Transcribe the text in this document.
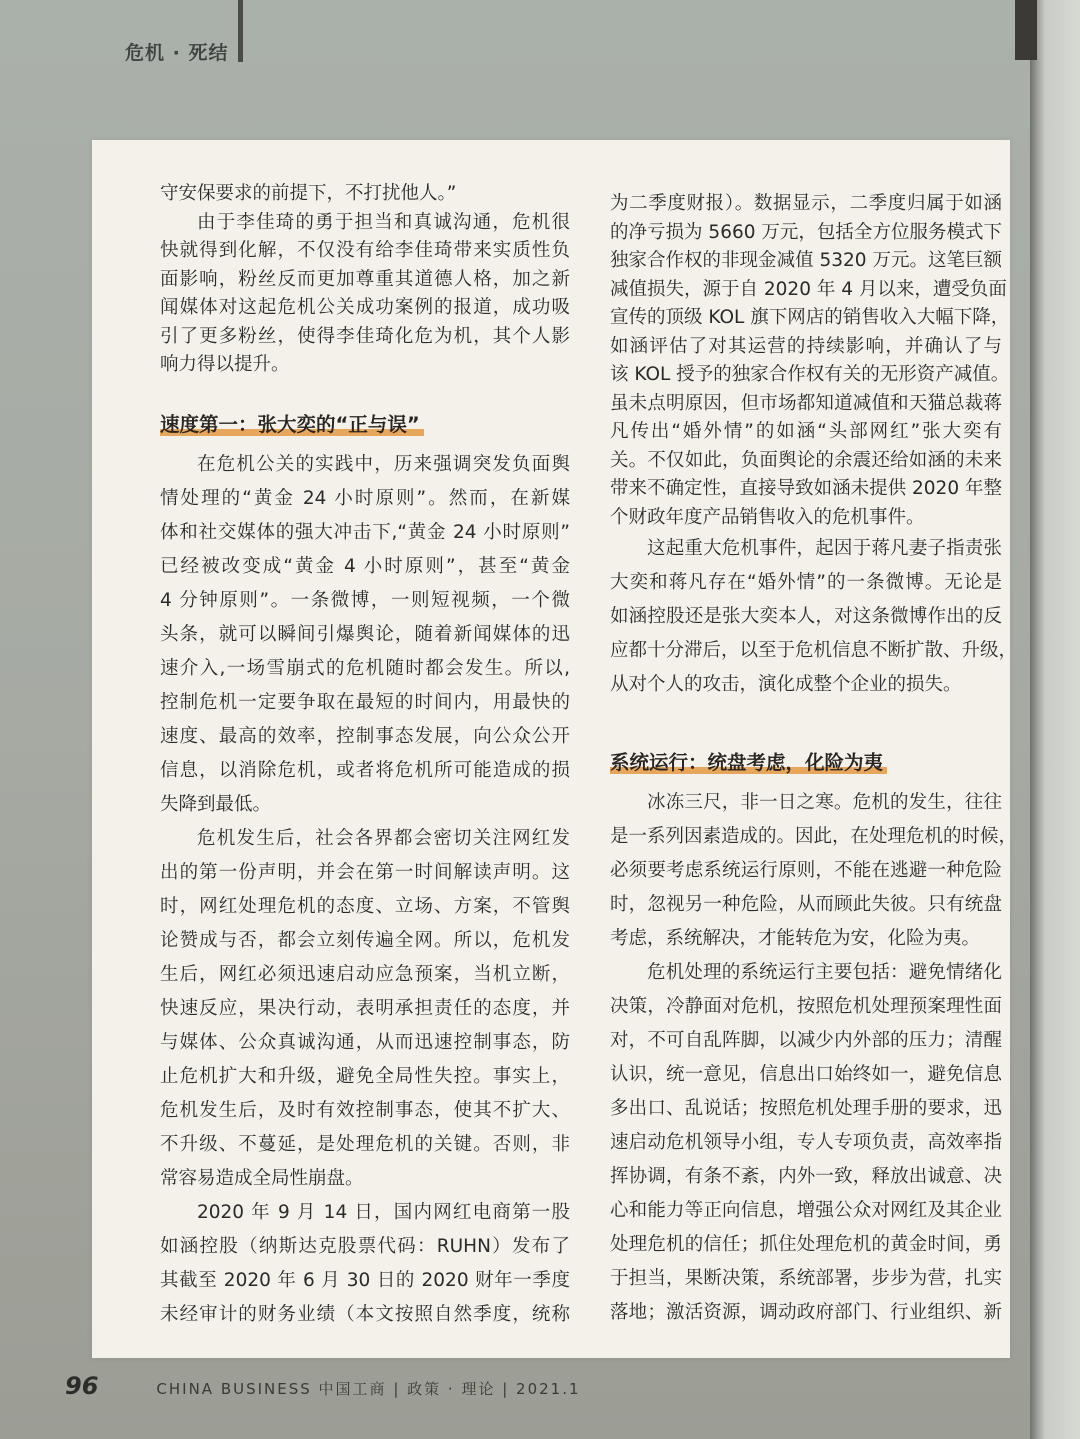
危机 · 死结
守安保要求的前提下，不打扰他人。”
由于李佳琦的勇于担当和真诚沟通，危机很
快就得到化解，不仅没有给李佳琦带来实质性负
面影响，粉丝反而更加尊重其道德人格，加之新
闻媒体对这起危机公关成功案例的报道，成功吸
引了更多粉丝，使得李佳琦化危为机，其个人影
响力得以提升。
速度第一：张大奕的“正与误”
在危机公关的实践中，历来强调突发负面舆
情处理的“黄金 24 小时原则”。然而，在新媒
体和社交媒体的强大冲击下,“黄金 24 小时原则”
已经被改变成“黄金 4 小时原则”，甚至“黄金
4 分钟原则”。一条微博，一则短视频，一个微
头条，就可以瞬间引爆舆论，随着新闻媒体的迅
速介入,一场雪崩式的危机随时都会发生。所以,
控制危机一定要争取在最短的时间内，用最快的
速度、最高的效率，控制事态发展，向公众公开
信息，以消除危机，或者将危机所可能造成的损
失降到最低。
危机发生后，社会各界都会密切关注网红发
出的第一份声明，并会在第一时间解读声明。这
时，网红处理危机的态度、立场、方案，不管舆
论赞成与否，都会立刻传遍全网。所以，危机发
生后，网红必须迅速启动应急预案，当机立断，
快速反应，果决行动，表明承担责任的态度，并
与媒体、公众真诚沟通，从而迅速控制事态，防
止危机扩大和升级，避免全局性失控。事实上，
危机发生后，及时有效控制事态，使其不扩大、
不升级、不蔓延，是处理危机的关键。否则，非
常容易造成全局性崩盘。
2020 年 9 月 14 日，国内网红电商第一股
如涵控股（纳斯达克股票代码：RUHN）发布了
其截至 2020 年 6 月 30 日的 2020 财年一季度
未经审计的财务业绩（本文按照自然季度，统称
为二季度财报）。数据显示，二季度归属于如涵
的净亏损为 5660 万元，包括全方位服务模式下
独家合作权的非现金减值 5320 万元。这笔巨额
减值损失，源于自 2020 年 4 月以来，遭受负面
宣传的顶级 KOL 旗下网店的销售收入大幅下降，
如涵评估了对其运营的持续影响，并确认了与
该 KOL 授予的独家合作权有关的无形资产减值。
虽未点明原因，但市场都知道减值和天猫总裁蒋
凡传出“婚外情”的如涵“头部网红”张大奕有
关。不仅如此，负面舆论的余震还给如涵的未来
带来不确定性，直接导致如涵未提供 2020 年整
个财政年度产品销售收入的危机事件。
这起重大危机事件，起因于蒋凡妻子指责张
大奕和蒋凡存在“婚外情”的一条微博。无论是
如涵控股还是张大奕本人，对这条微博作出的反
应都十分滞后，以至于危机信息不断扩散、升级，
从对个人的攻击，演化成整个企业的损失。
系统运行：统盘考虑，化险为夷
冰冻三尺，非一日之寒。危机的发生，往往
是一系列因素造成的。因此，在处理危机的时候，
必须要考虑系统运行原则，不能在逃避一种危险
时，忽视另一种危险，从而顾此失彼。只有统盘
考虑，系统解决，才能转危为安，化险为夷。
危机处理的系统运行主要包括：避免情绪化
决策，冷静面对危机，按照危机处理预案理性面
对，不可自乱阵脚，以减少内外部的压力；清醒
认识，统一意见，信息出口始终如一，避免信息
多出口、乱说话；按照危机处理手册的要求，迅
速启动危机领导小组，专人专项负责，高效率指
挥协调，有条不紊，内外一致，释放出诚意、决
心和能力等正向信息，增强公众对网红及其企业
处理危机的信任；抓住处理危机的黄金时间，勇
于担当，果断决策，系统部署，步步为营，扎实
落地；激活资源，调动政府部门、行业组织、新
96	CHINA BUSINESS 中国工商 | 政策 · 理论 | 2021.1
